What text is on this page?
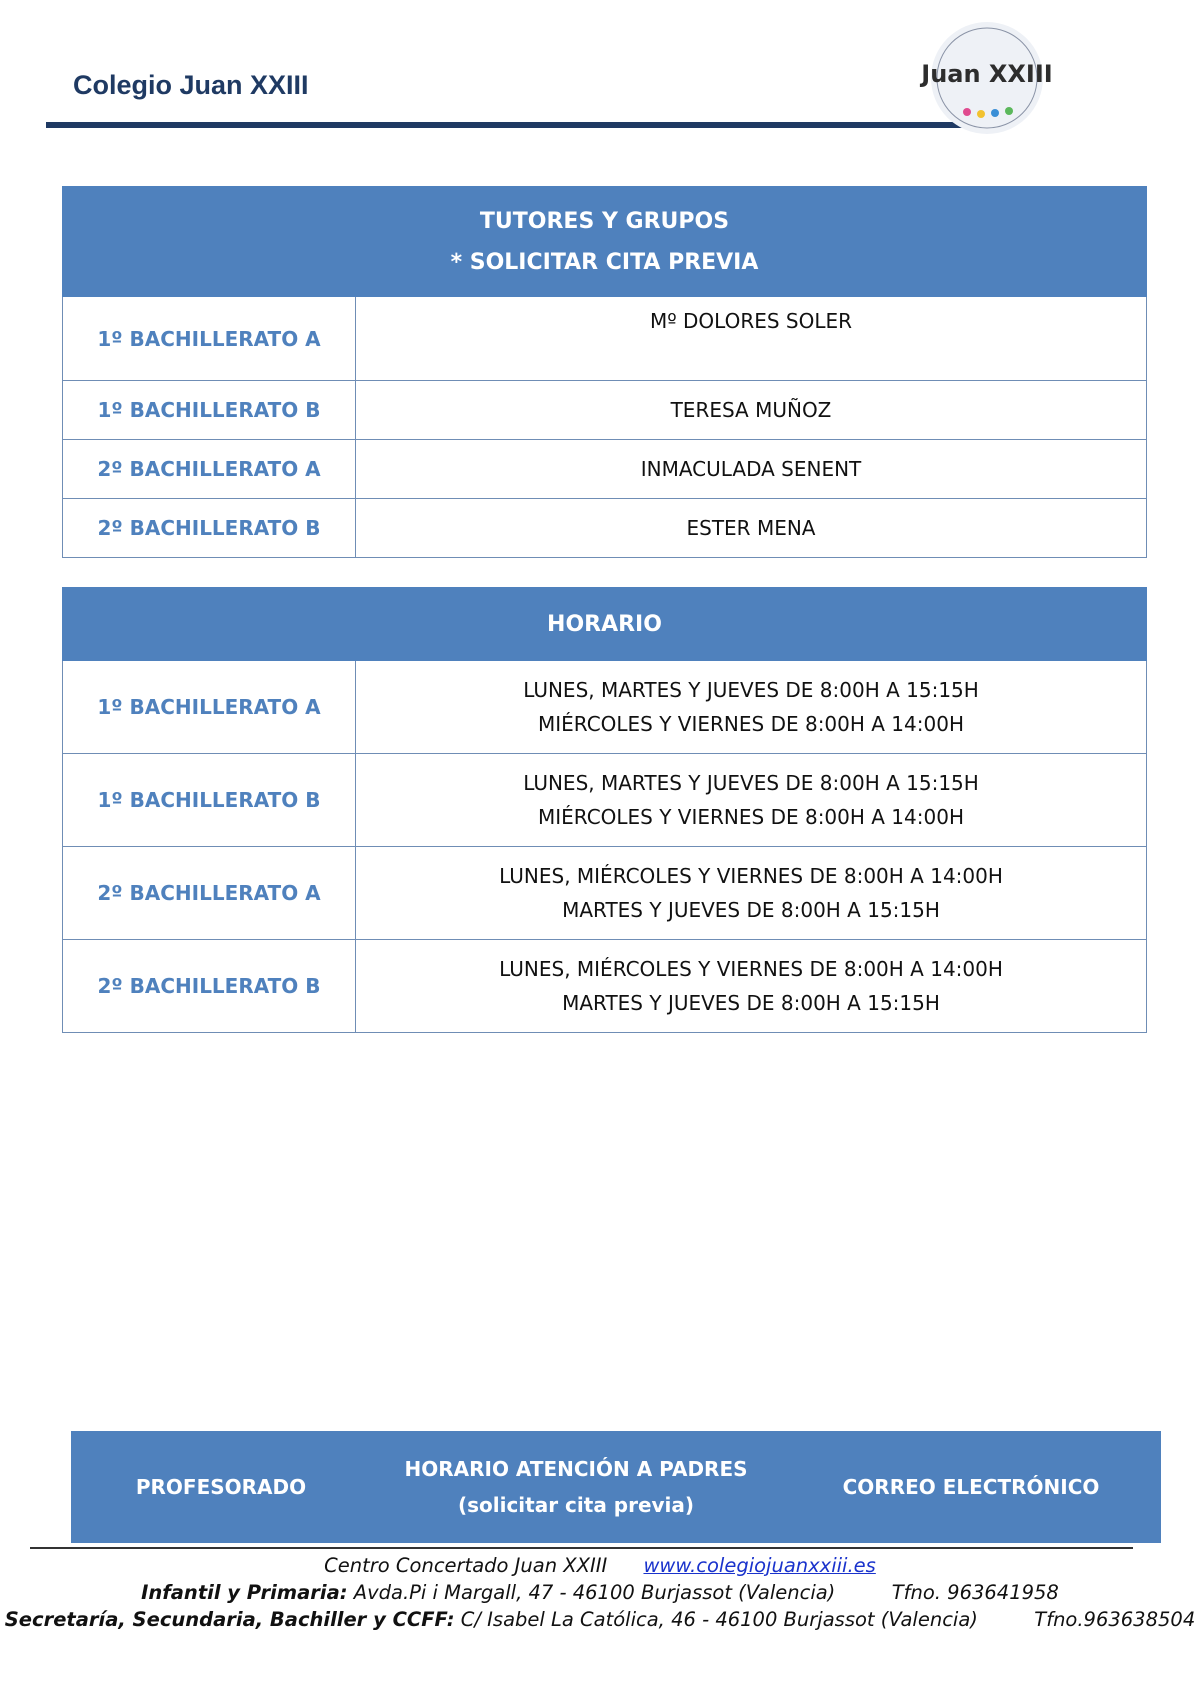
Colegio Juan XXIII	Juan XXIII
TUTORES Y GRUPOS
* SOLICITAR CITA PREVIA	

1º BACHILLERATO A	Mº DOLORES SOLER
1º BACHILLERATO B	TERESA MUÑOZ
2º BACHILLERATO A	INMACULADA SENENT
2º BACHILLERATO B	ESTER MENA
HORARIO	
1º BACHILLERATO A	LUNES, MARTES Y JUEVES DE 8:00H A 15:15H
MIÉRCOLES Y VIERNES DE 8:00H A 14:00H

1º BACHILLERATO B	LUNES, MARTES Y JUEVES DE 8:00H A 15:15H
MIÉRCOLES Y VIERNES DE 8:00H A 14:00H

2º BACHILLERATO A	LUNES, MIÉRCOLES Y VIERNES DE 8:00H A 14:00H
MARTES Y JUEVES DE 8:00H A 15:15H

2º BACHILLERATO B	LUNES, MIÉRCOLES Y VIERNES DE 8:00H A 14:00H
MARTES Y JUEVES DE 8:00H A 15:15H
PROFESORADO
HORARIO ATENCIÓN A PADRES
(solicitar cita previa)
CORREO ELECTRÓNICO
Centro Concertado Juan XXIII www.colegiojuanxxiii.es
Infantil y Primaria: Avda.Pi i Margall, 47 - 46100 Burjassot (Valencia)	Tfno. 963641958
Secretaría, Secundaria, Bachiller y CCFF: C/ Isabel La Católica, 46 - 46100 Burjassot (Valencia)	Tfno.963638504
